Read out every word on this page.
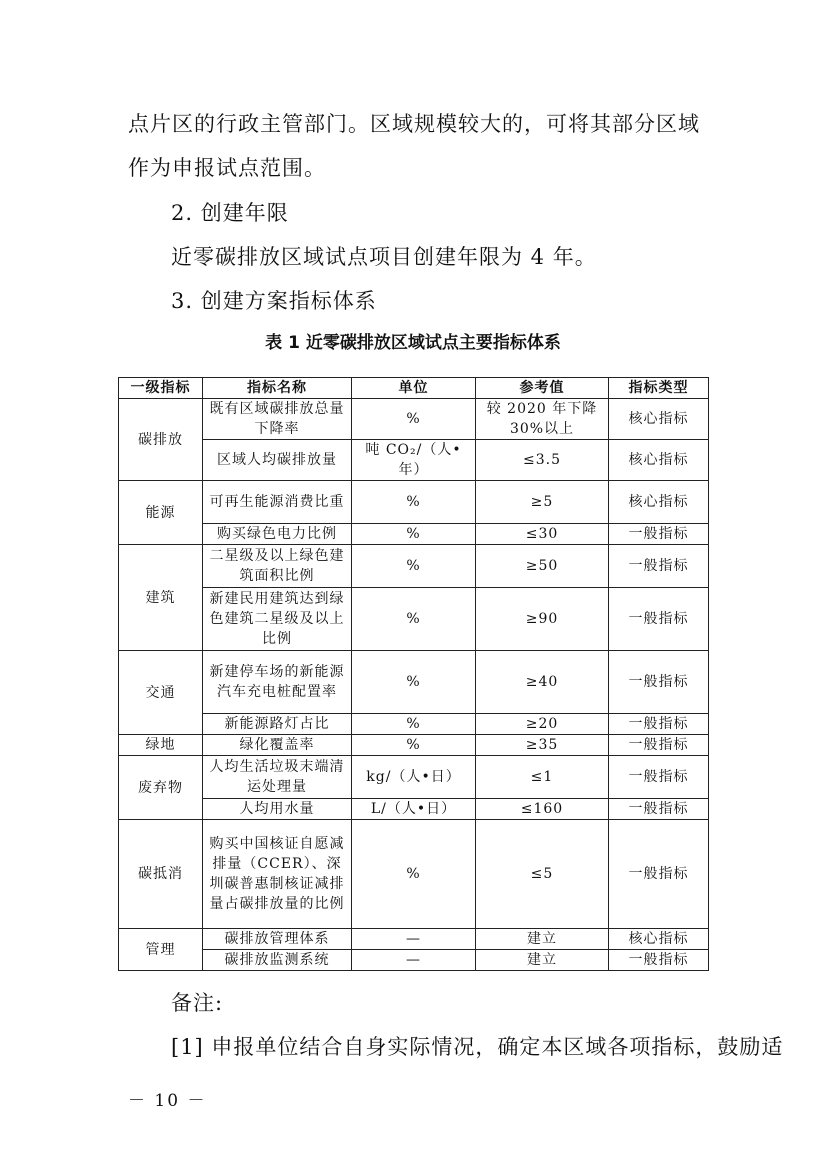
点片区的行政主管部门。区域规模较大的，可将其部分区域
作为申报试点范围。
2. 创建年限
近零碳排放区域试点项目创建年限为 4 年。
3. 创建方案指标体系
表 1 近零碳排放区域试点主要指标体系
一级指标	指标名称	单位	参考值	指标类型
碳排放	既有区域碳排放总量下降率	%	较 2020 年下降 30%以上	核心指标
	区域人均碳排放量	吨 CO₂/（人•年）	≤3.5	核心指标
能源	可再生能源消费比重	%	≥5	核心指标
	购买绿色电力比例	%	≤30	一般指标
建筑	二星级及以上绿色建筑面积比例	%	≥50	一般指标
	新建民用建筑达到绿色建筑二星级及以上比例	%	≥90	一般指标
交通	新建停车场的新能源汽车充电桩配置率	%	≥40	一般指标
	新能源路灯占比	%	≥20	一般指标
绿地	绿化覆盖率	%	≥35	一般指标
废弃物	人均生活垃圾末端清运处理量	kg/（人•日）	≤1	一般指标
	人均用水量	L/（人•日）	≤160	一般指标
碳抵消	购买中国核证自愿减排量（CCER）、深圳碳普惠制核证减排量占碳排放量的比例	%	≤5	一般指标
管理	碳排放管理体系	—	建立	核心指标
	碳排放监测系统	—	建立	一般指标
备注:
[1] 申报单位结合自身实际情况，确定本区域各项指标，鼓励适
－ 10 －
